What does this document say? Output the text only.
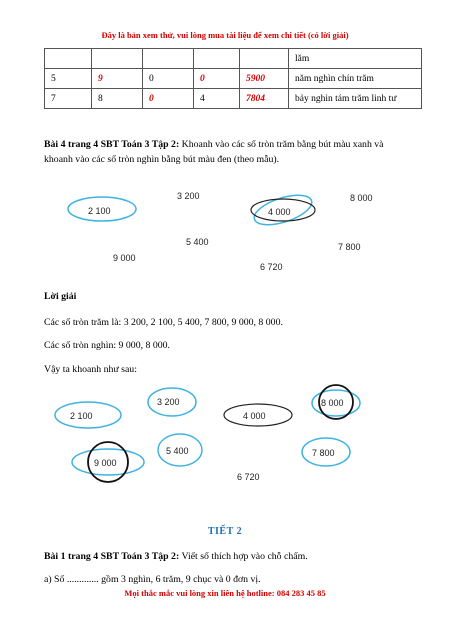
Đây là bản xem thử, vui lòng mua tài liệu để xem chi tiết (có lời giải)
					lăm
5	9	0	0	5900	năm nghìn chín trăm
7	8	0	4	7804	bảy nghìn tám trăm linh tư
Bài 4 trang 4 SBT Toán 3 Tập 2: Khoanh vào các số tròn trăm bằng bút màu xanh và khoanh vào các số tròn nghìn bằng bút màu đen (theo mẫu).
3 200	8 000
2 100	4 000
5 400	7 800
9 000
6 720
Lời giải
Các số tròn trăm là: 3 200, 2 100, 5 400, 7 800, 9 000, 8 000.
Các số tròn nghìn: 9 000, 8 000.
Vậy ta khoanh như sau:
2 100
3 200
4 000
8 000
5 400	7 800
9 000
6 720
TIẾT 2
Bài 1 trang 4 SBT Toán 3 Tập 2: Viết số thích hợp vào chỗ chấm.
a) Số ............. gồm 3 nghìn, 6 trăm, 9 chục và 0 đơn vị.
Mọi thắc mắc vui lòng xin liên hệ hotline: 084 283 45 85
